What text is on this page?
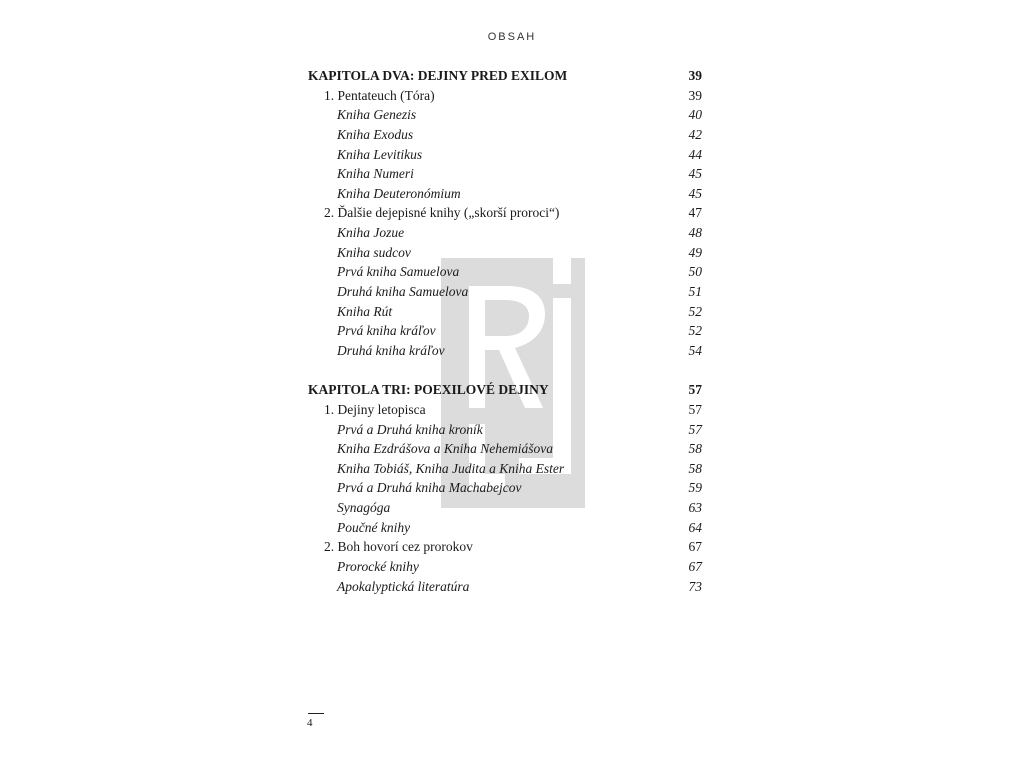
OBSAH
KAPITOLA DVA: DEJINY PRED EXILOM	39
1. Pentateuch (Tóra)	39
Kniha Genezis	40
Kniha Exodus	42
Kniha Levitikus	44
Kniha Numeri	45
Kniha Deuteronómium	45
2. Ďalšie dejepisné knihy („skorší proroci“)	47
Kniha Jozue	48
Kniha sudcov	49
Prvá kniha Samuelova	50
Druhá kniha Samuelova	51
Kniha Rút	52
Prvá kniha kráľov	52
Druhá kniha kráľov	54
KAPITOLA TRI: POEXILOVÉ DEJINY	57
1. Dejiny letopisca	57
Prvá a Druhá kniha kroník	57
Kniha Ezdrášova a Kniha Nehemiášova	58
Kniha Tobiáš, Kniha Judita a Kniha Ester	58
Prvá a Druhá kniha Machabejcov	59
Synagóga	63
Poučné knihy	64
2. Boh hovorí cez prorokov	67
Prorocké knihy	67
Apokalyptická literatúra	73
4
